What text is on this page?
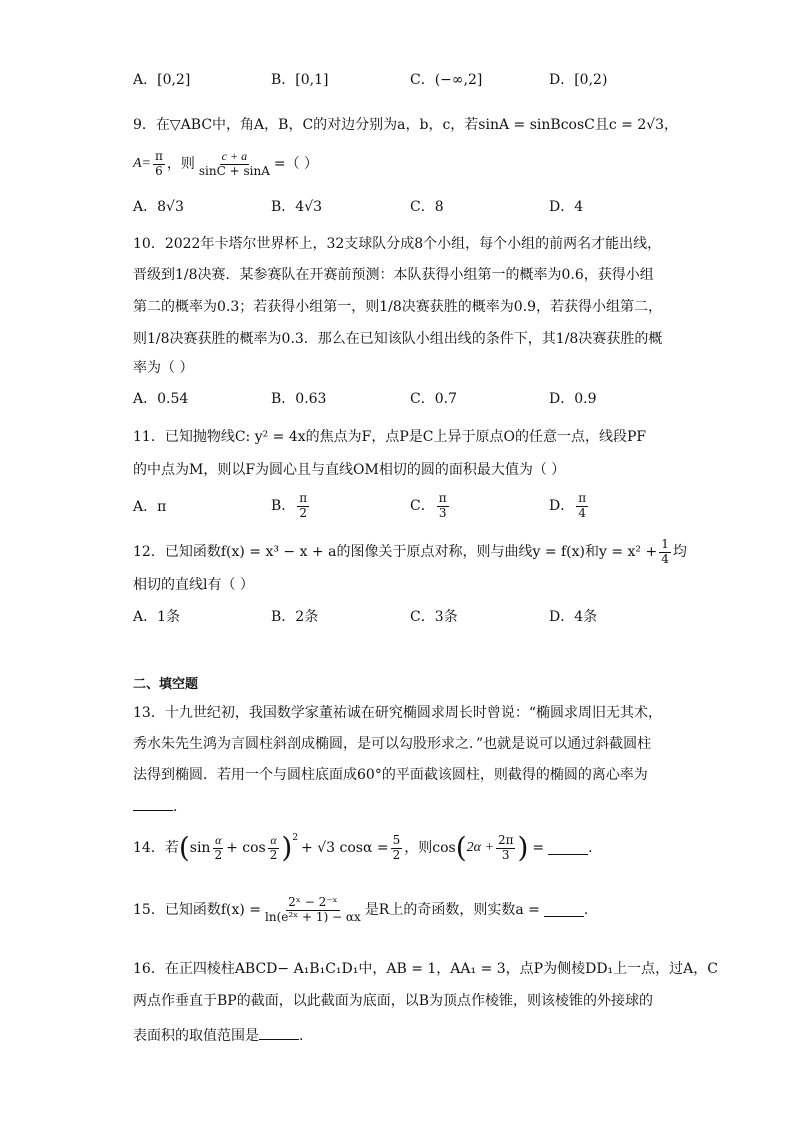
A．[0,2]	B．[0,1]	C．(−∞,2]	D．[0,2)
9．在▽ABC中，角A，B，C的对边分别为a，b，c，若sinA = sinBcosC且c = 2√3，
$A= \frac{\pi}{6}$ ，则 $\frac{c + a}{\sin C + \sin A}$ =（ ）
A．8√3	B．4√3	C．8	D．4
10．2022年卡塔尔世界杯上，32支球队分成8个小组，每个小组的前两名才能出线，
晋级到1/8决赛．某参赛队在开赛前预测：本队获得小组第一的概率为0.6，获得小组
第二的概率为0.3；若获得小组第一，则1/8决赛获胜的概率为0.9，若获得小组第二，
则1/8决赛获胜的概率为0.3．那么在已知该队小组出线的条件下，其1/8决赛获胜的概
率为（ ）
A．0.54	B．0.63	C．0.7	D．0.9
11．已知抛物线C: y² = 4x的焦点为F，点P是C上异于原点O的任意一点，线段PF
的中点为M，则以F为圆心且与直线OM相切的圆的面积最大值为（ ）
A．π	B． $\frac{\pi}{2}$	C． $\frac{\pi}{3}$	D． $\frac{\pi}{4}$
12．已知函数f(x) = x³ − x + a的图像关于原点对称，则与曲线y = f(x)和$y = x^2 + \frac{1}{4}$ 均
相切的直线l有（ ）
A．1条	B．2条	C．3条	D．4条
二、填空题
13．十九世纪初，我国数学家董祐诚在研究椭圆求周长时曾说：“椭圆求周旧无其术，
秀水朱先生鸿为言圆柱斜剖成椭圆，是可以勾股形求之．”也就是说可以通过斜截圆柱
法得到椭圆．若用一个与圆柱底面成60°的平面截该圆柱，则截得的椭圆的离心率为
.
14．若 ( $\sin \frac{\alpha}{2} + \cos \frac{\alpha}{2} )^2$
+ √3 $\cos\alpha = \frac{5}{2}$ ，则cos ( $2\alpha + \frac{2\pi}{3}$ ) =	.
15．已知函数$f(x) = \frac{\text{2ˣ − 2⁻ˣ}}{\text{ln(e²ˣ + 1) − αx}}$ 是R上的奇函数，则实数a =	.
16．在正四棱柱ABCD− A₁B₁C₁D₁中，AB = 1，AA₁ = 3，点P为侧棱DD₁上一点，过A，C
两点作垂直于BP的截面，以此截面为底面，以B为顶点作棱锥，则该棱锥的外接球的
表面积的取值范围是	.
